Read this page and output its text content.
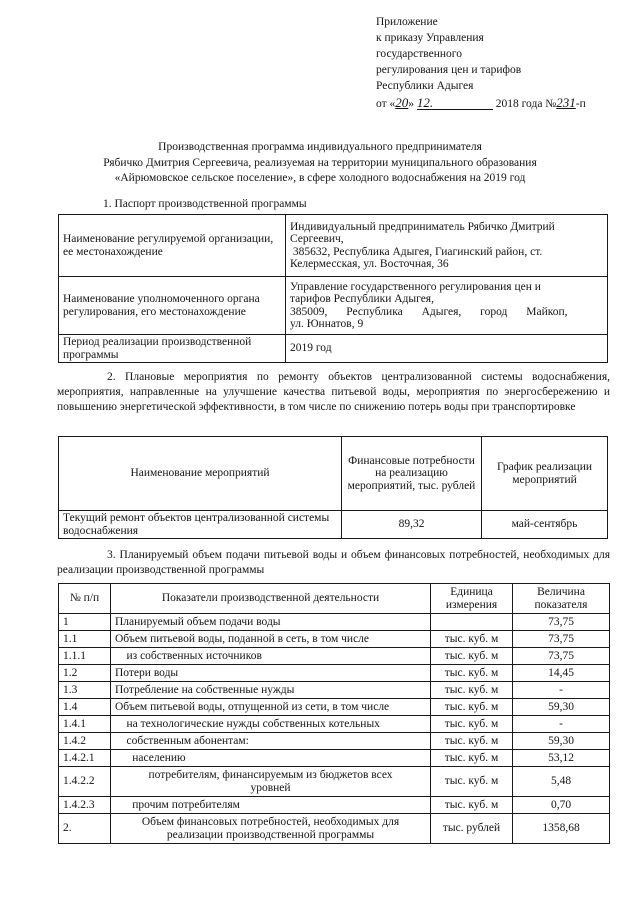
Приложение
к приказу Управления
государственного
регулирования цен и тарифов
Республики Адыгея
от «20» 12.	2018 года №231-п
Производственная программа индивидуального предпринимателя
Рябичко Дмитрия Сергеевича, реализуемая на территории муниципального образования
«Айрюмовское сельское поселение», в сфере холодного водоснабжения на 2019 год
1. Паспорт производственной программы
Наименование регулируемой организации, ее местонахождение	Индивидуальный предприниматель Рябичко Дмитрий
Сергеевич,
385632, Республика Адыгея, Гиагинский район, ст.
Келермесская, ул. Восточная, 36

Наименование уполномоченного органа регулирования, его местонахождение	Управление государственного регулирования цен и
тарифов Республики Адыгея,
385009, Республика Адыгея, город Майкоп,
ул. Юннатов, 9

Период реализации производственной программы	2019 год
2. Плановые мероприятия по ремонту объектов централизованной системы водоснабжения, мероприятия, направленные на улучшение качества питьевой воды, мероприятия по энергосбережению и повышению энергетической эффективности, в том числе по снижению потерь воды при транспортировке
Наименование мероприятий	Финансовые потребности на реализацию мероприятий, тыс. рублей	График реализации мероприятий
Текущий ремонт объектов централизованной системы водоснабжения	89,32	май-сентябрь
3. Планируемый объем подачи питьевой воды и объем финансовых потребностей, необходимых для реализации производственной программы
№ п/п	Показатели производственной деятельности	Единица измерения	Величина показателя
1	Планируемый объем подачи воды		73,75
1.1	Объем питьевой воды, поданной в сеть, в том числе	тыс. куб. м	73,75
1.1.1	из собственных источников	тыс. куб. м	73,75
1.2	Потери воды	тыс. куб. м	14,45
1.3	Потребление на собственные нужды	тыс. куб. м	-
1.4	Объем питьевой воды, отпущенной из сети, в том числе	тыс. куб. м	59,30
1.4.1	на технологические нужды собственных котельных	тыс. куб. м	-
1.4.2	собственным абонентам:	тыс. куб. м	59,30
1.4.2.1	населению	тыс. куб. м	53,12
1.4.2.2	потребителям, финансируемым из бюджетов всех уровней	тыс. куб. м	5,48
1.4.2.3	прочим потребителям	тыс. куб. м	0,70
2.	Объем финансовых потребностей, необходимых для реализации производственной программы	тыс. рублей	1358,68
